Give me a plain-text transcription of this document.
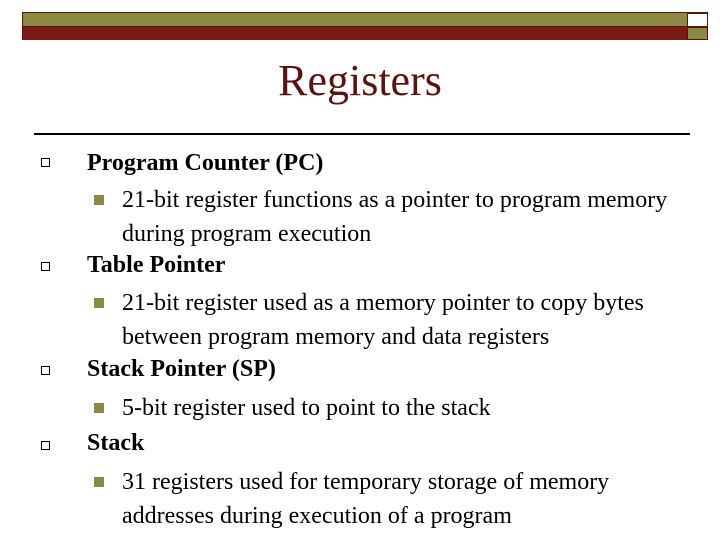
Registers
Program Counter (PC)
21-bit register functions as a pointer to program memory during program execution
Table Pointer
21-bit register used as a memory pointer to copy bytes between program memory and data registers
Stack Pointer (SP)
5-bit register used to point to the stack
Stack
31 registers used for temporary storage of memory addresses during execution of a program
